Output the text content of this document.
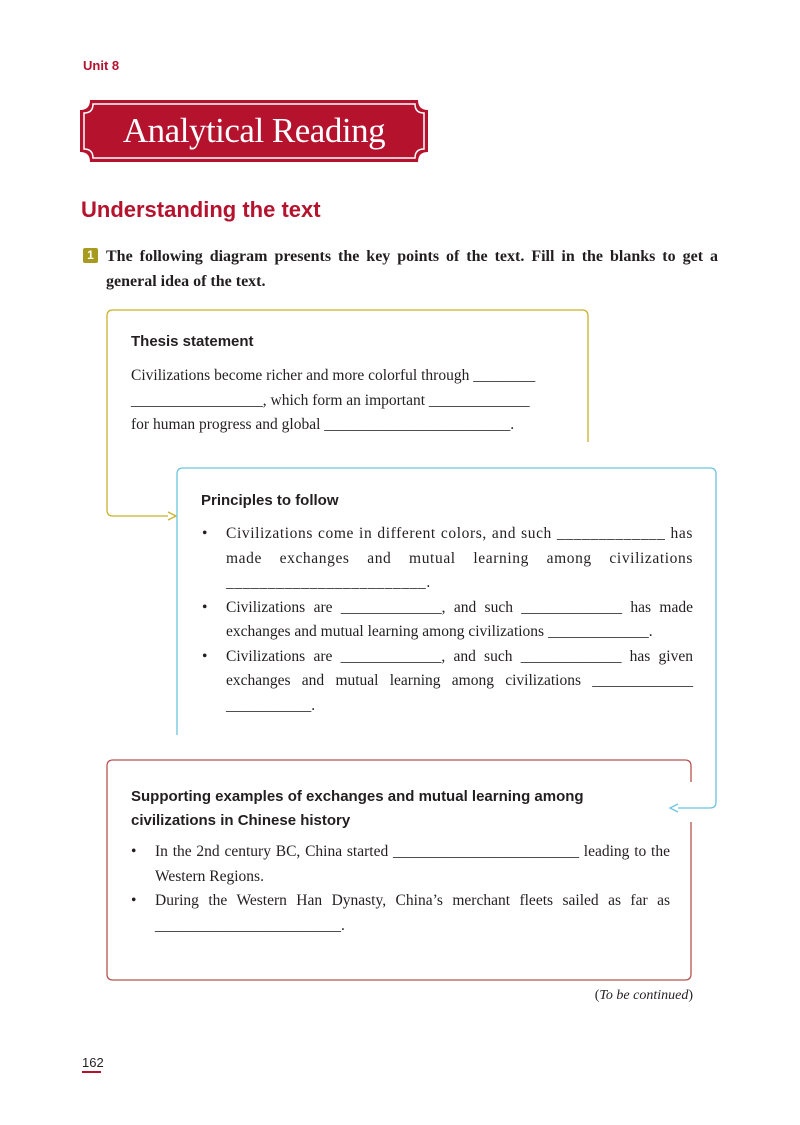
Unit 8
Analytical Reading
Understanding the text
1 The following diagram presents the key points of the text. Fill in the blanks to get a general idea of the text.
Thesis statement
Civilizations become richer and more colorful through ________
_________________, which form an important _____________
for human progress and global ________________________.
Principles to follow
• Civilizations come in different colors, and such _____________ has made exchanges and mutual learning among civilizations ________________________.
• Civilizations are _____________, and such _____________ has made exchanges and mutual learning among civilizations _____________.
• Civilizations are _____________, and such _____________ has given exchanges and mutual learning among civilizations _____________ ___________.
Supporting examples of exchanges and mutual learning among
civilizations in Chinese history
• In the 2nd century BC, China started ________________________ leading to the Western Regions.
• During the Western Han Dynasty, China’s merchant fleets sailed as far as ________________________.
(To be continued)
162
